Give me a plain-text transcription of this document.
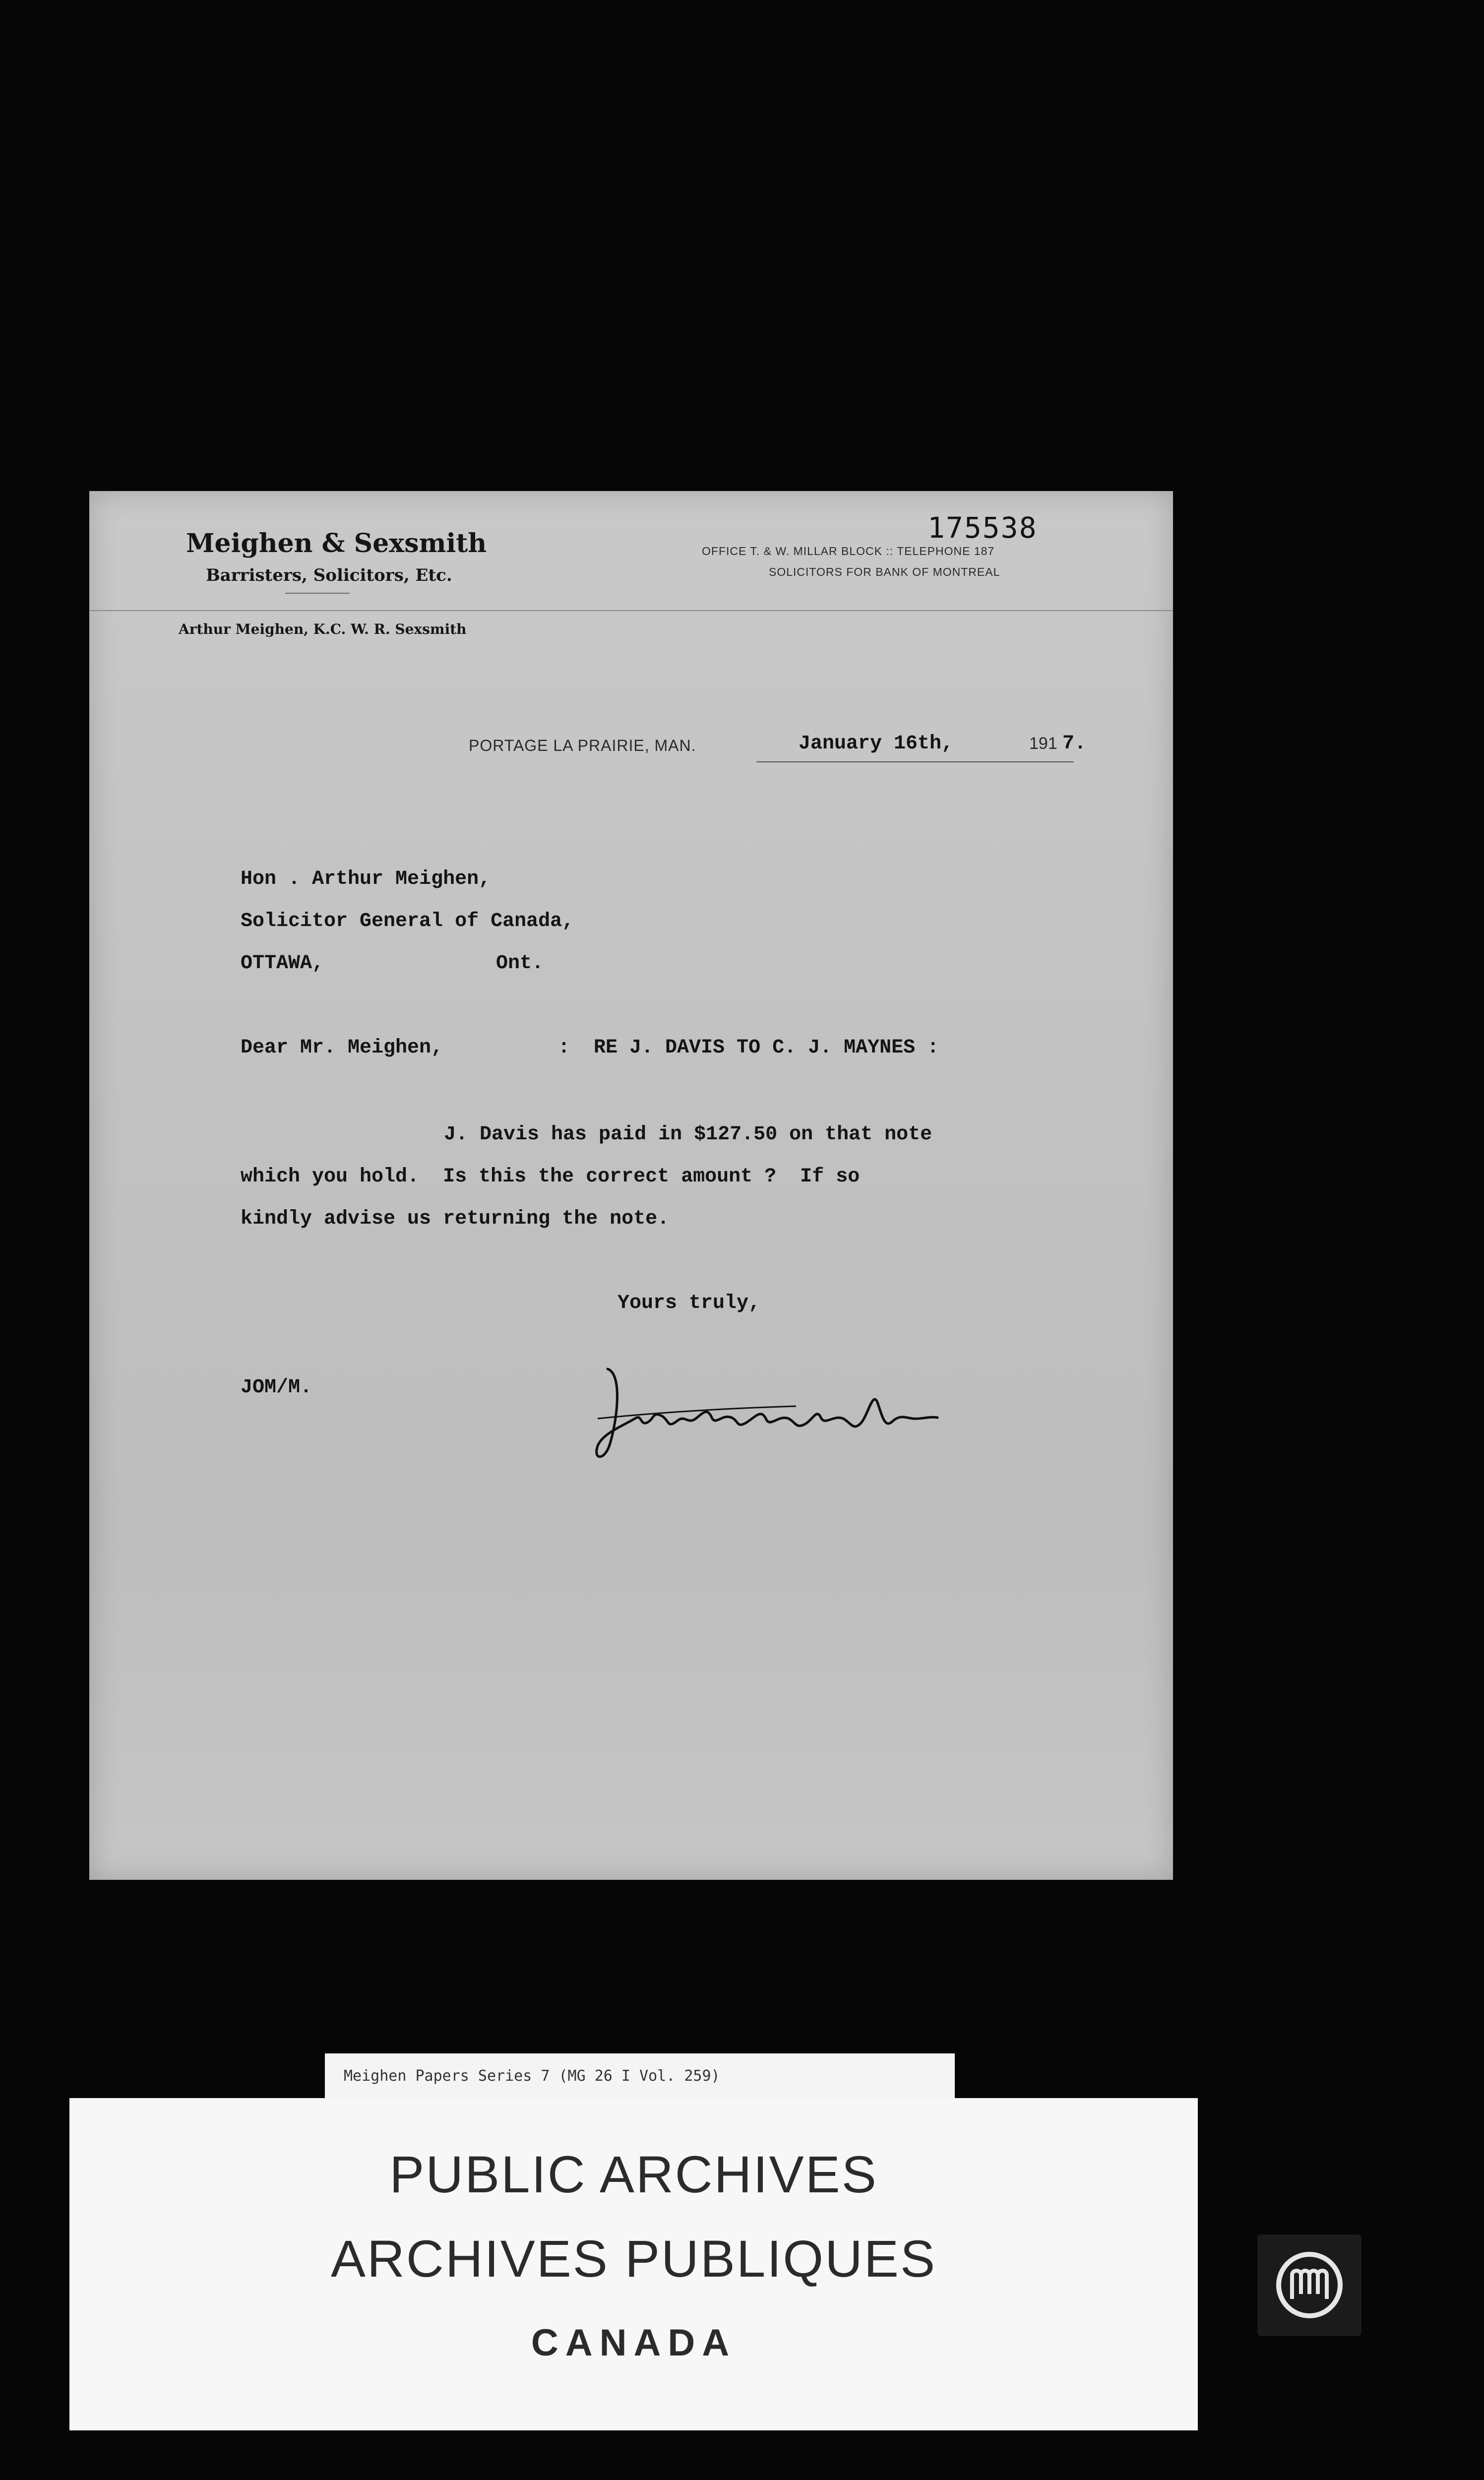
175538
Meighen & Sexsmith
Barristers, Solicitors, Etc.
Arthur Meighen, K.C. W. R. Sexsmith
OFFICE T. & W. MILLAR BLOCK :: TELEPHONE 187
SOLICITORS FOR BANK OF MONTREAL
PORTAGE LA PRAIRIE, MAN.	January 16th,	191 7.
Hon . Arthur Meighen,
Solicitor General of Canada,
OTTAWA,	Ont.
Dear Mr. Meighen,	:  RE J. DAVIS TO C. J. MAYNES :
J. Davis has paid in $127.50 on that note
which you hold.  Is this the correct amount ?  If so
kindly advise us returning the note.
Yours truly,
JOM/M.
Meighen Papers Series 7 (MG 26 I Vol. 259)
PUBLIC ARCHIVES
ARCHIVES PUBLIQUES
CANADA
